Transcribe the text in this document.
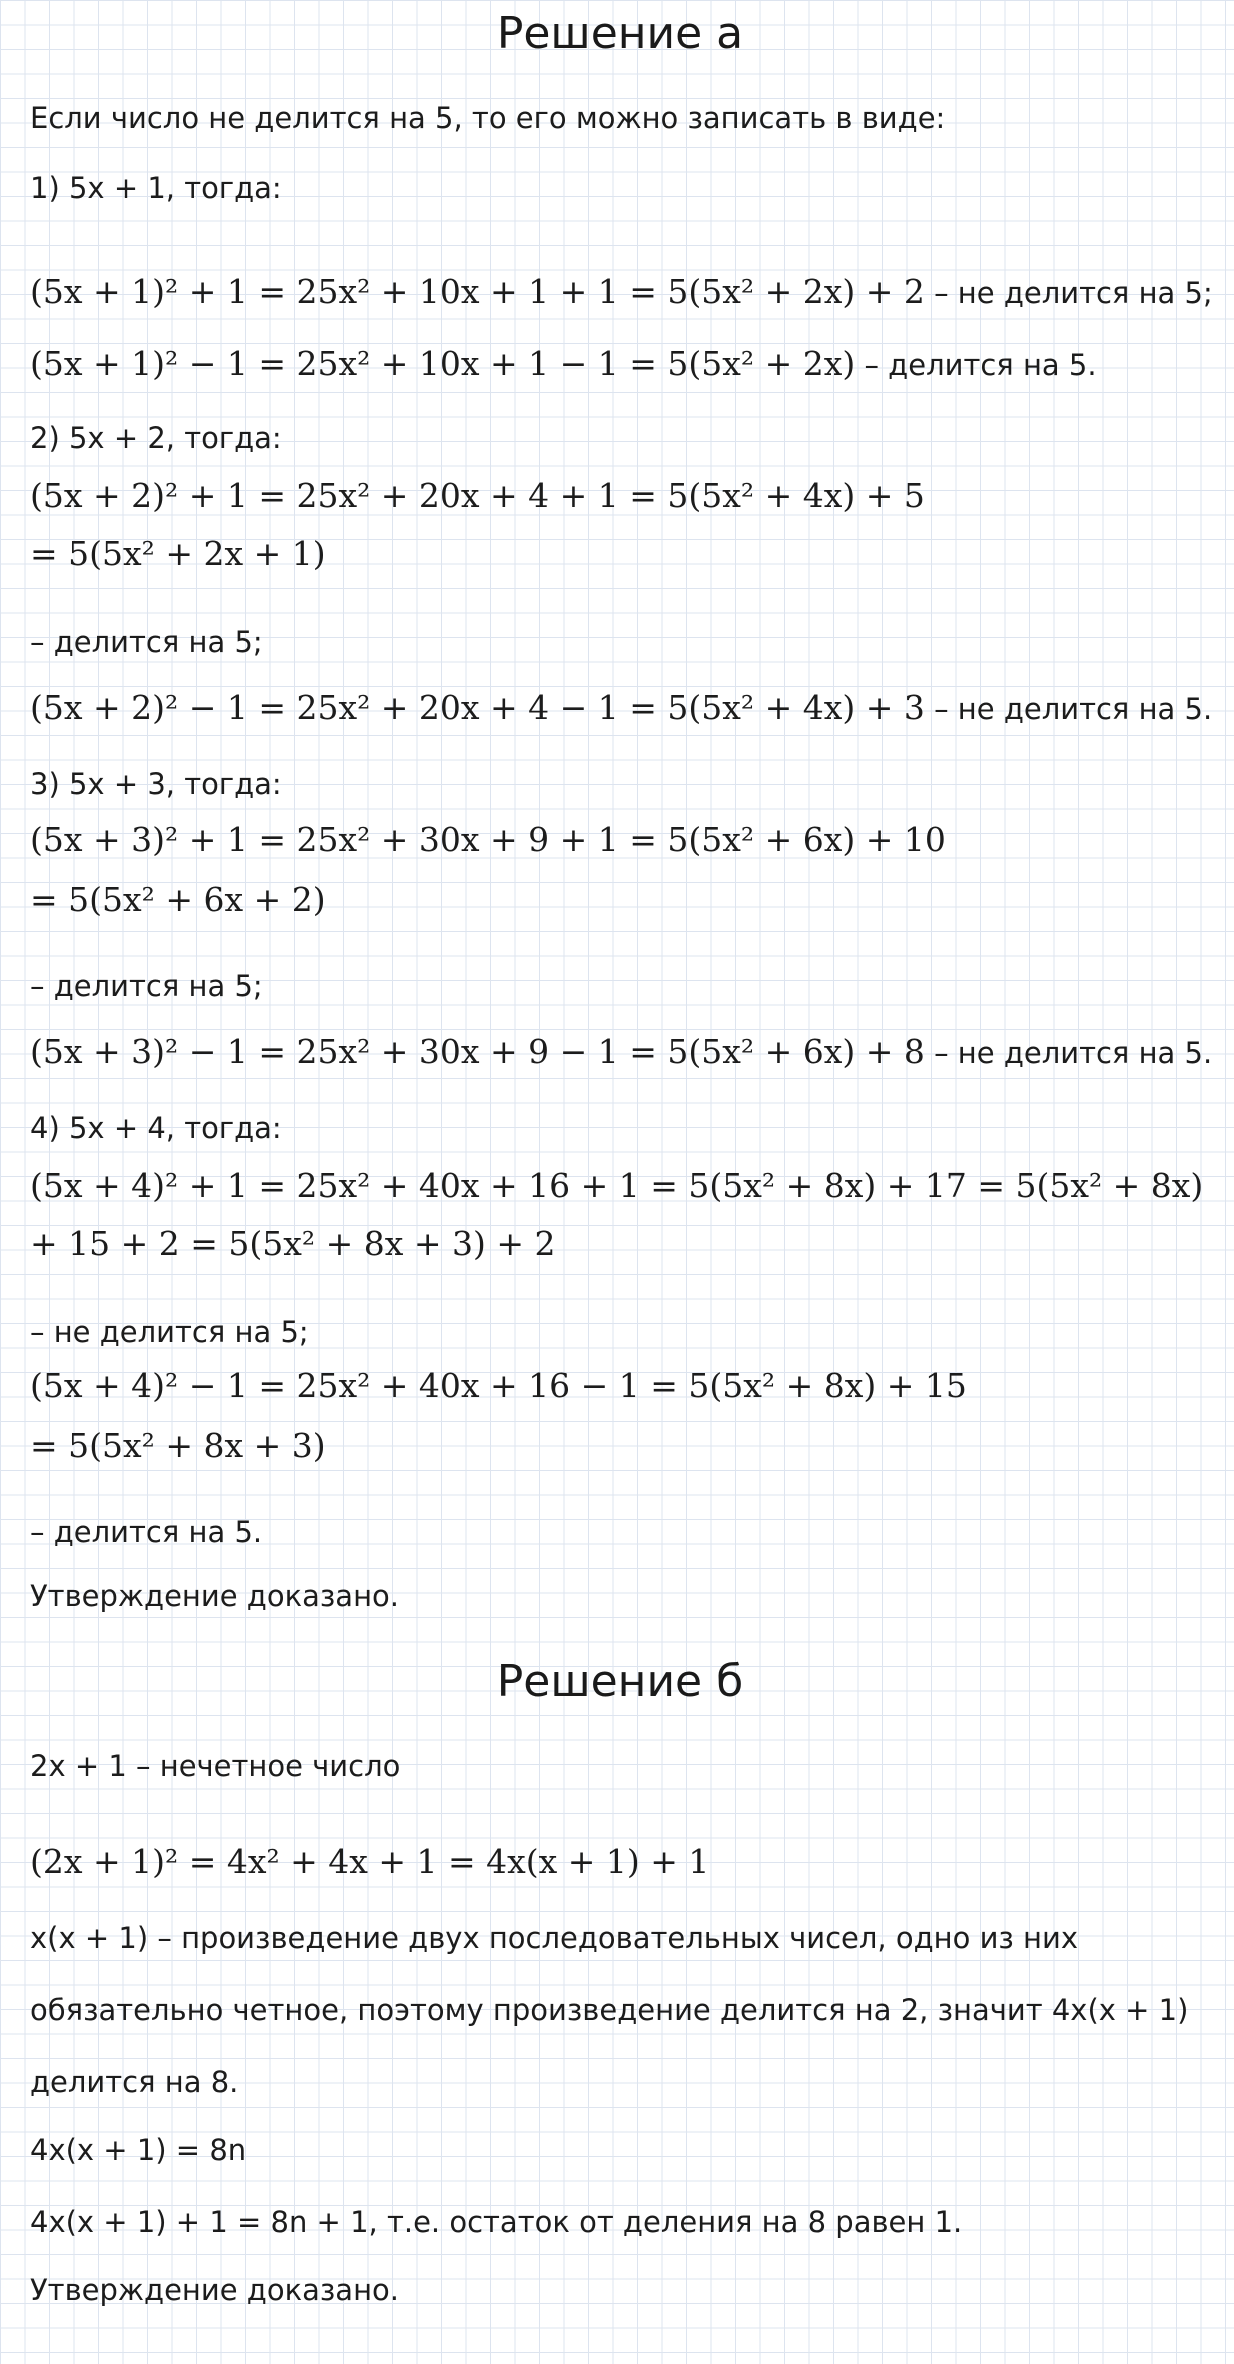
Решение а
Если число не делится на 5, то его можно записать в виде:
1) 5x + 1, тогда:
(5x + 1)² + 1 = 25x² + 10x + 1 + 1 = 5(5x² + 2x) + 2 – не делится на 5;
(5x + 1)² − 1 = 25x² + 10x + 1 − 1 = 5(5x² + 2x) – делится на 5.
2) 5x + 2, тогда:
(5x + 2)² + 1 = 25x² + 20x + 4 + 1 = 5(5x² + 4x) + 5
= 5(5x² + 2x + 1)
– делится на 5;
(5x + 2)² − 1 = 25x² + 20x + 4 − 1 = 5(5x² + 4x) + 3 – не делится на 5.
3) 5x + 3, тогда:
(5x + 3)² + 1 = 25x² + 30x + 9 + 1 = 5(5x² + 6x) + 10
= 5(5x² + 6x + 2)
– делится на 5;
(5x + 3)² − 1 = 25x² + 30x + 9 − 1 = 5(5x² + 6x) + 8 – не делится на 5.
4) 5x + 4, тогда:
(5x + 4)² + 1 = 25x² + 40x + 16 + 1 = 5(5x² + 8x) + 17 = 5(5x² + 8x)
+ 15 + 2 = 5(5x² + 8x + 3) + 2
– не делится на 5;
(5x + 4)² − 1 = 25x² + 40x + 16 − 1 = 5(5x² + 8x) + 15
= 5(5x² + 8x + 3)
– делится на 5.
Утверждение доказано.
Решение б
2x + 1 – нечетное число
(2x + 1)² = 4x² + 4x + 1 = 4x(x + 1) + 1
x(x + 1) – произведение двух последовательных чисел, одно из них
обязательно четное, поэтому произведение делится на 2, значит 4x(x + 1)
делится на 8.
4x(x + 1) = 8n
4x(x + 1) + 1 = 8n + 1, т.е. остаток от деления на 8 равен 1.
Утверждение доказано.
